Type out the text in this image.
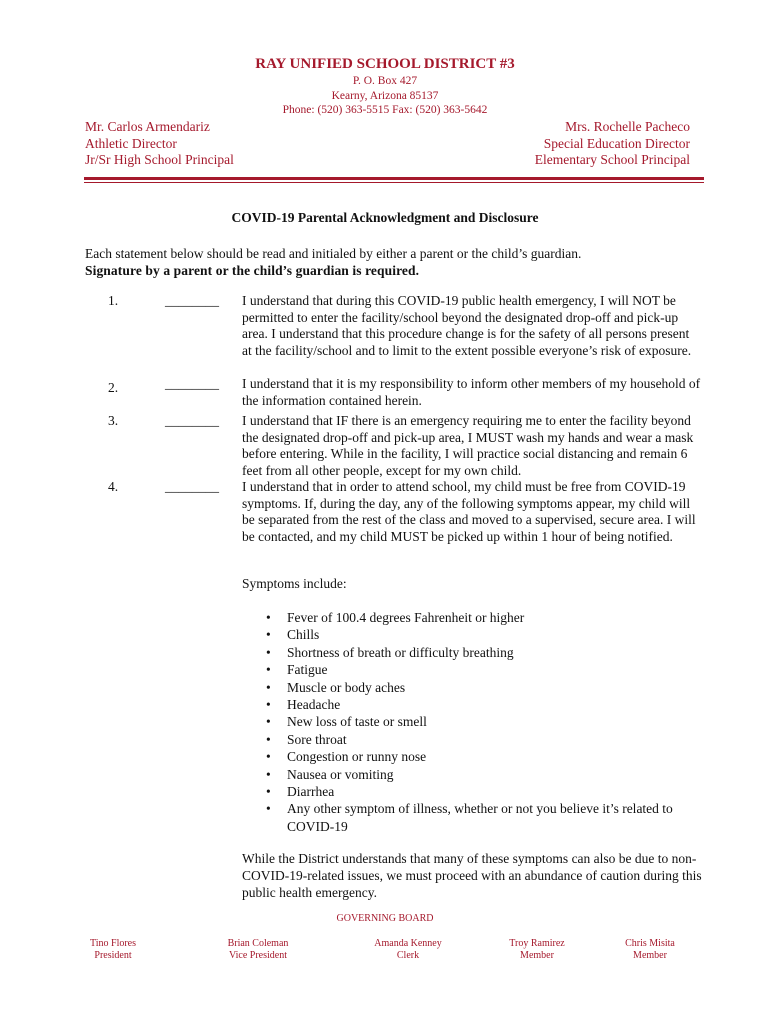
RAY UNIFIED SCHOOL DISTRICT #3
P. O. Box 427
Kearny, Arizona 85137
Phone: (520) 363-5515 Fax: (520) 363-5642
Mr. Carlos Armendariz
Athletic Director
Jr/Sr High School Principal
Mrs. Rochelle Pacheco
Special Education Director
Elementary School Principal
COVID-19 Parental Acknowledgment and Disclosure
Each statement below should be read and initialed by either a parent or the child’s guardian.
Signature by a parent or the child’s guardian is required.
1.	________ I understand that during this COVID-19 public health emergency, I will NOT be permitted to enter the facility/school beyond the designated drop-off and pick-up area. I understand that this procedure change is for the safety of all persons present at the facility/school and to limit to the extent possible everyone’s risk of exposure.
2.	________ I understand that it is my responsibility to inform other members of my household of the information contained herein.
3.	________ I understand that IF there is an emergency requiring me to enter the facility beyond the designated drop-off and pick-up area, I MUST wash my hands and wear a mask before entering. While in the facility, I will practice social distancing and remain 6 feet from all other people, except for my own child.
4.	________ I understand that in order to attend school, my child must be free from COVID-19 symptoms. If, during the day, any of the following symptoms appear, my child will be separated from the rest of the class and moved to a supervised, secure area. I will be contacted, and my child MUST be picked up within 1 hour of being notified.
Symptoms include:
• Fever of 100.4 degrees Fahrenheit or higher
• Chills
• Shortness of breath or difficulty breathing
• Fatigue
• Muscle or body aches
• Headache
• New loss of taste or smell
• Sore throat
• Congestion or runny nose
• Nausea or vomiting
• Diarrhea
• Any other symptom of illness, whether or not you believe it’s related to COVID-19
While the District understands that many of these symptoms can also be due to non-COVID-19-related issues, we must proceed with an abundance of caution during this public health emergency.
GOVERNING BOARD
Tino Flores
President
Brian Coleman
Vice President
Amanda Kenney
Clerk
Troy Ramirez
Member
Chris Misita
Member
